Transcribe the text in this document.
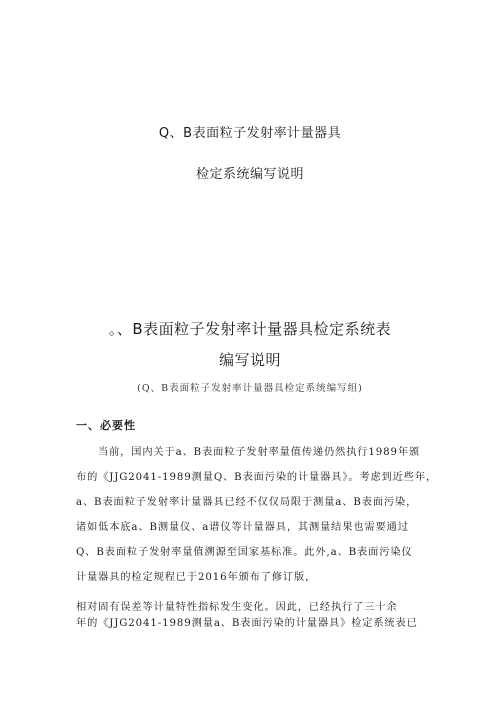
Q、B表面粒子发射率计量器具
检定系统编写说明
。、B表面粒子发射率计量器具检定系统表
编写说明
(Q、B表面粒子发射率计量器具检定系统编写组)
一、必要性
当前，国内关于a、B表面粒子发射率量值传递仍然执行1989年颁
布的《JJG2041-1989测量Q、B表面污染的计量器具》。考虑到近些年，
a、B表面粒子发射率计量器具已经不仅仅局限于测量a、B表面污染，
诸如低本底a、B测量仪、a谱仪等计量器具，其测量结果也需要通过
Q、B表面粒子发射率量值溯源至国家基标准。此外,a、B表面污染仪
计量器具的检定规程已于2016年颁布了修订版，
相对固有误差等计量特性指标发生变化。因此，已经执行了三十余
年的《JJG2041-1989测量a、B表面污染的计量器具》检定系统表已
